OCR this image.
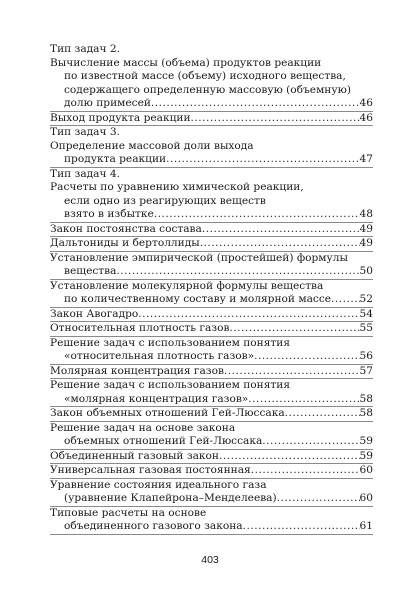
Тип задач 2.
Вычисление массы (объема) продуктов реакции
по известной массе (объему) исходного вещества,
содержащего определенную массовую (объемную)
долю примесей .....	46
Выход продукта реакции .....	46
Тип задач 3.
Определение массовой доли выхода
продукта реакции .....	47
Тип задач 4.
Расчеты по уравнению химической реакции,
если одно из реагирующих веществ
взято в избытке .....	48
Закон постоянства состава .....	49
Дальтониды и бертоллиды .....	49
Установление эмпирической (простейшей) формулы
вещества .....	50
Установление молекулярной формулы вещества
по количественному составу и молярной массе .....	52
Закон Авогадро .....	54
Относительная плотность газов .....	55
Решение задач с использованием понятия
«относительная плотность газов» .....	56
Молярная концентрация газов .....	57
Решение задач с использованием понятия
«молярная концентрация газов» .....	58
Закон объемных отношений Гей-Люссака .....	58
Решение задач на основе закона
объемных отношений Гей-Люссака .....	59
Объединенный газовый закон .....	59
Универсальная газовая постоянная .....	60
Уравнение состояния идеального газа
(уравнение Клапейрона–Менделеева) .....	60
Типовые расчеты на основе
объединенного газового закона .....	61
403
